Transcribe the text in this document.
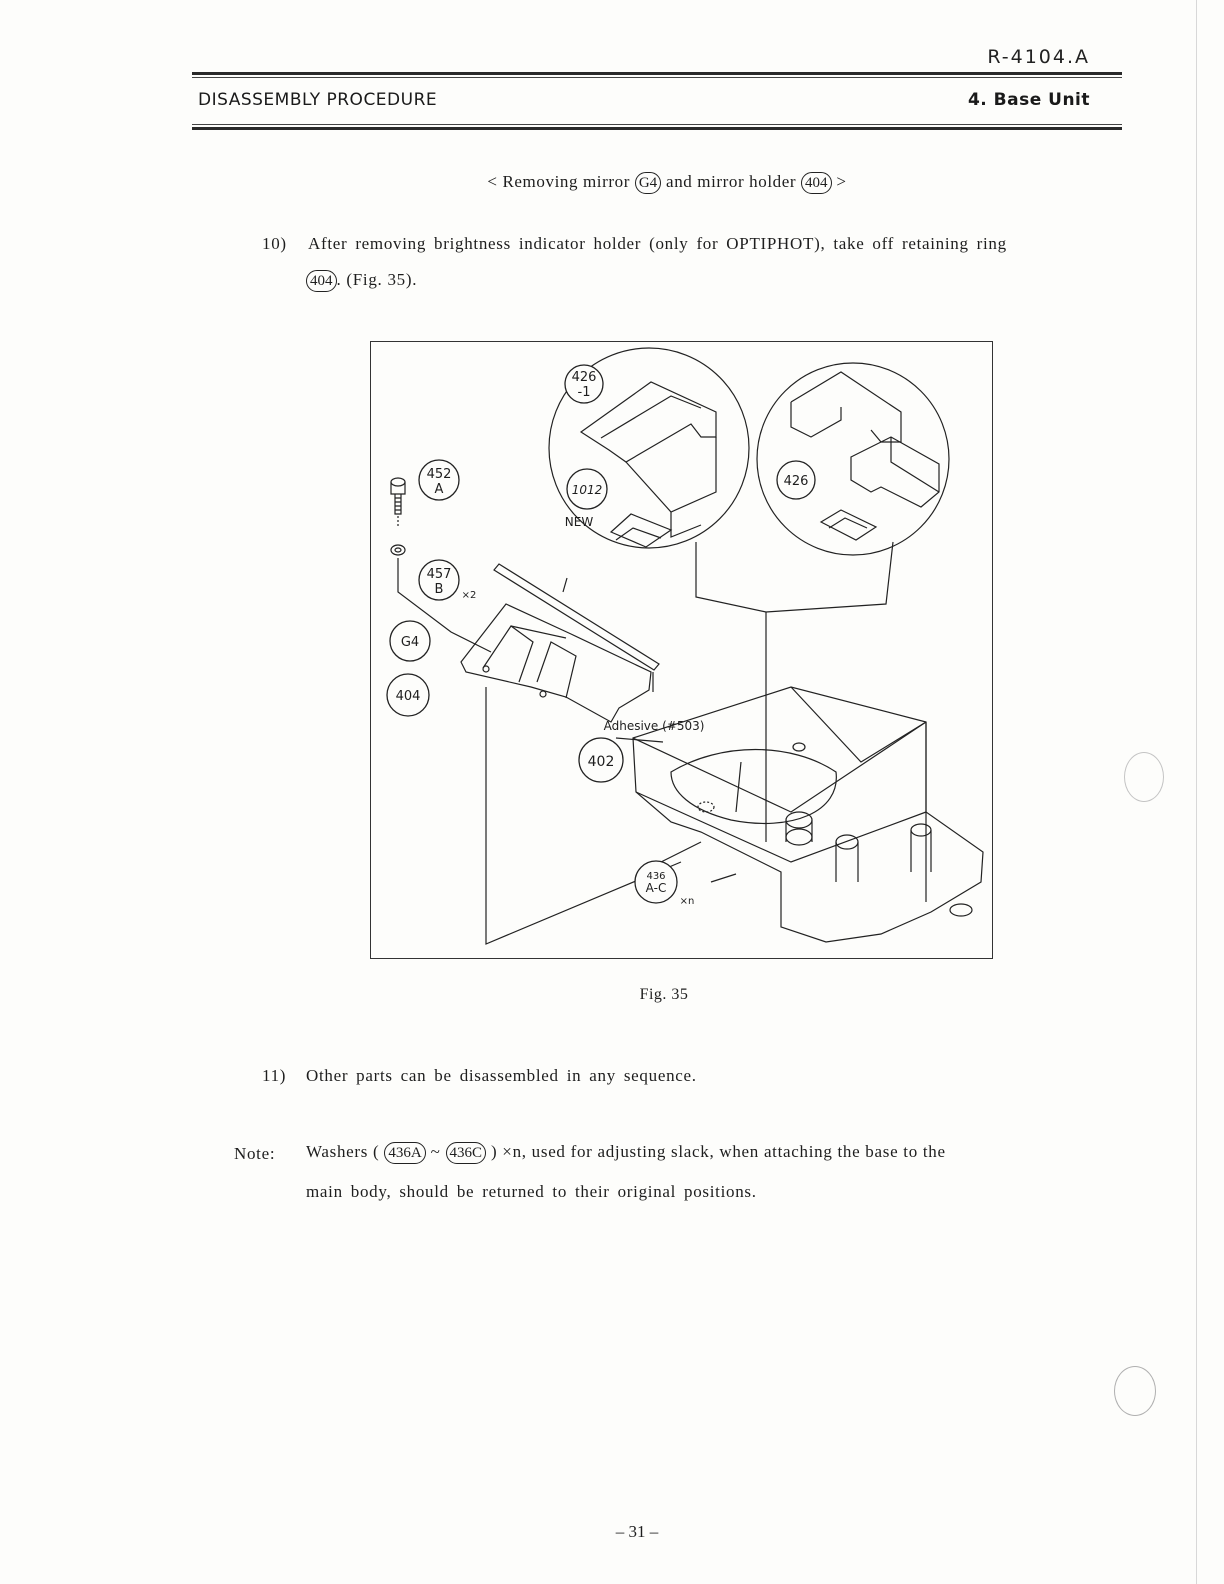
R-4104.A
DISASSEMBLY PROCEDURE	4. Base Unit
< Removing mirror G4 and mirror holder 404 >
10) After removing brightness indicator holder (only for OPTIPHOT), take off retaining ring
404 . (Fig. 35).
426
-1
1012
NEW
426
452
A
457
B ×2
G4
404
Adhesive (#503)
402
436
A-C
×n
Fig. 35
11) Other parts can be disassembled in any sequence.
Note: Washers ( 436A ~ 436C ) ×n, used for adjusting slack, when attaching the base to the
main body, should be returned to their original positions.
– 31 –
